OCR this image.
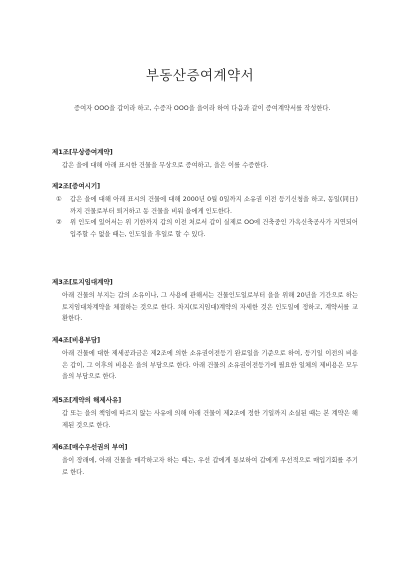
부동산증여계약서
증여자 OOO을 갑이라 하고, 수증자 OOO을 을이라 하여 다음과 같이 증여계약서를 작성한다.
제1조[무상증여계약]
갑은 을에 대해 아래 표시한 건물을 무상으로 증여하고, 을은 이를 수증한다.
제2조[증여시기]
①	갑은 을에 대해 아래 표시의 건물에 대해 2000년 0월 0일까지 소유권 이전 등기신청을 하고, 동일(同日)까지 건물로부터 퇴거하고 동 건물을 비워 을에게 인도한다.
②	위 인도에 있어서는 위 기한까지 갑의 이전 처로서 갑이 실제로 OO에 건축중인 가옥신축공사가 지연되어 입주할 수 없을 때는, 인도일을 후일로 할 수 있다.
제3조[토지임대계약]
아래 건물의 부지는 갑의 소유이나, 그 사용에 관해서는 건물인도일로부터 을을 위해 20년을 기간으로 하는 토지임대차계약을 체결하는 것으로 한다. 차지(토지임대)계약의 자세한 것은 인도일에 정하고, 계약서를 교환한다.
제4조[비용부담]
아래 건물에 대한 제세공과금은 제2조에 의한 소유권이전등기 완료일을 기준으로 하여, 등기일 이전의 비용은 갑이, 그 이후의 비용은 을의 부담으로 한다. 아래 건물의 소유권이전등기에 필요한 일체의 제비용은 모두 을의 부담으로 한다.
제5조[계약의 해제사유]
갑 또는 을의 책임에 따르지 않는 사유에 의해 아래 건물이 제2조에 정한 기일까지 소실된 때는 본 계약은 해제된 것으로 한다.
제6조[매수우선권의 부여]
을이 장래에, 아래 건물을 매각하고자 하는 때는, 우선 갑에게 통보하여 갑에게 우선적으로 매입기회를 주기로 한다.
